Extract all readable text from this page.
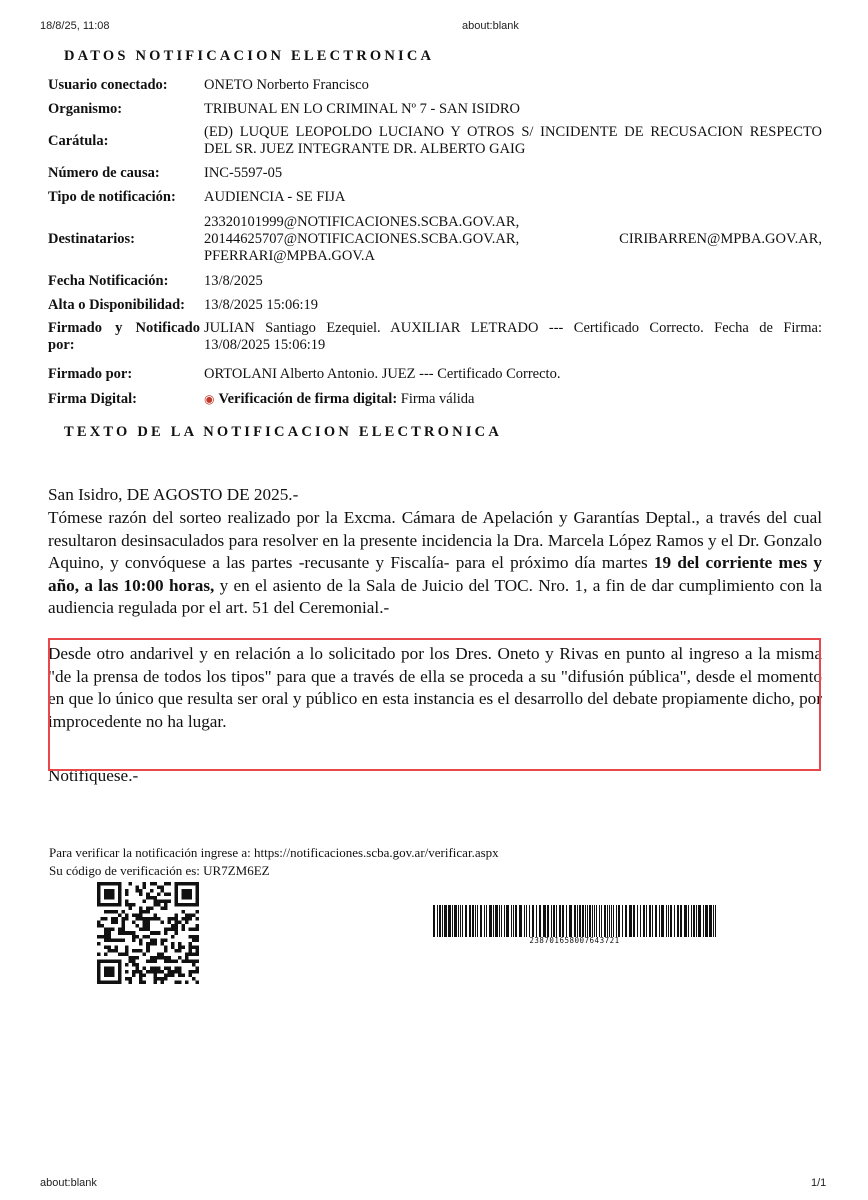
18/8/25, 11:08	about:blank
DATOS NOTIFICACION ELECTRONICA
Usuario conectado:	ONETO Norberto Francisco
Organismo:	TRIBUNAL EN LO CRIMINAL Nº 7 - SAN ISIDRO
Carátula:	(ED) LUQUE LEOPOLDO LUCIANO Y OTROS S/ INCIDENTE DE RECUSACION RESPECTO DEL SR. JUEZ INTEGRANTE DR. ALBERTO GAIG
Número de causa:	INC-5597-05
Tipo de notificación:	AUDIENCIA - SE FIJA
Destinatarios:	23320101999@NOTIFICACIONES.SCBA.GOV.AR,
20144625707@NOTIFICACIONES.SCBA.GOV.AR, CIRIBARREN@MPBA.GOV.AR,
PFERRARI@MPBA.GOV.A

Fecha Notificación:	13/8/2025
Alta o Disponibilidad:	13/8/2025 15:06:19
Firmado y Notificado por:	JULIAN Santiago Ezequiel. AUXILIAR LETRADO --- Certificado Correcto. Fecha de Firma: 13/08/2025 15:06:19
Firmado por:	ORTOLANI Alberto Antonio. JUEZ --- Certificado Correcto.
Firma Digital:	◉ Verificación de firma digital: Firma válida
TEXTO DE LA NOTIFICACION ELECTRONICA
San Isidro, DE AGOSTO DE 2025.-

Tómese razón del sorteo realizado por la Excma. Cámara de Apelación y Garantías Deptal., a través del cual resultaron desinsaculados para resolver en la presente incidencia la Dra. Marcela López Ramos y el Dr. Gonzalo Aquino, y convóquese a las partes -recusante y Fiscalía- para el próximo día martes 19 del corriente mes y año, a las 10:00 horas, y en el asiento de la Sala de Juicio del TOC. Nro. 1, a fin de dar cumplimiento con la audiencia regulada por el art. 51 del Ceremonial.-

Desde otro andarivel y en relación a lo solicitado por los Dres. Oneto y Rivas en punto al ingreso a la misma "de la prensa de todos los tipos" para que a través de ella se proceda a su "difusión pública", desde el momento en que lo único que resulta ser oral y público en esta instancia es el desarrollo del debate propiamente dicho, por improcedente no ha lugar.
Notifíquese.-
Para verificar la notificación ingrese a: https://notificaciones.scba.gov.ar/verificar.aspx
Su código de verificación es: UR7ZM6EZ
238701658007643721
about:blank	1/1
